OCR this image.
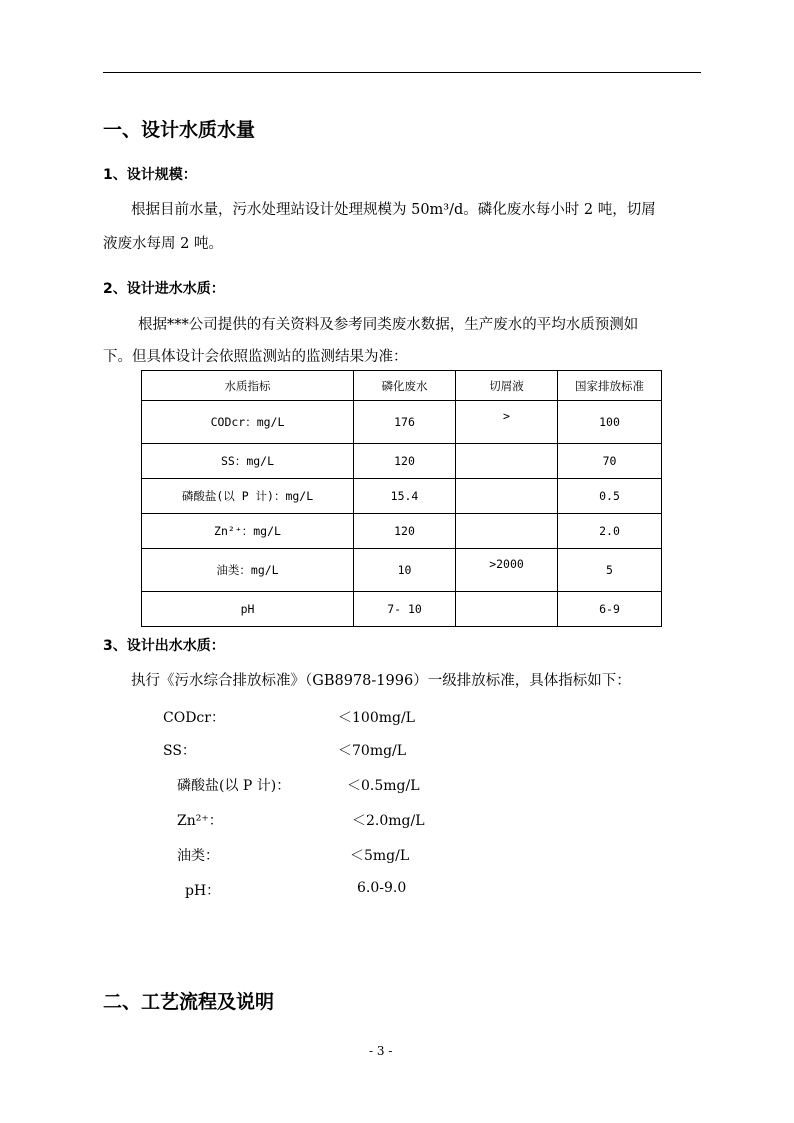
一、设计水质水量
1、设计规模：
根据目前水量，污水处理站设计处理规模为 50m³/d。磷化废水每小时 2 吨，切屑
液废水每周 2 吨。
2、设计进水水质：
根据***公司提供的有关资料及参考同类废水数据，生产废水的平均水质预测如
下。但具体设计会依照监测站的监测结果为准：
水质指标	磷化废水	切屑液	国家排放标准
CODcr：mg/L	176	>	100
SS：mg/L	120		70
磷酸盐(以 P 计)：mg/L	15.4		0.5
Zn²⁺：mg/L	120		2.0
油类：mg/L	10	>2000	5
pH	7- 10		6-9
3、设计出水水质：
执行《污水综合排放标准》（GB8978-1996）一级排放标准，具体指标如下：
CODcr：	＜100mg/L
SS：	＜70mg/L
磷酸盐(以 P 计)：	＜0.5mg/L
Zn²⁺：	＜2.0mg/L
油类：	＜5mg/L
pH：	6.0-9.0
二、工艺流程及说明
- 3 -
